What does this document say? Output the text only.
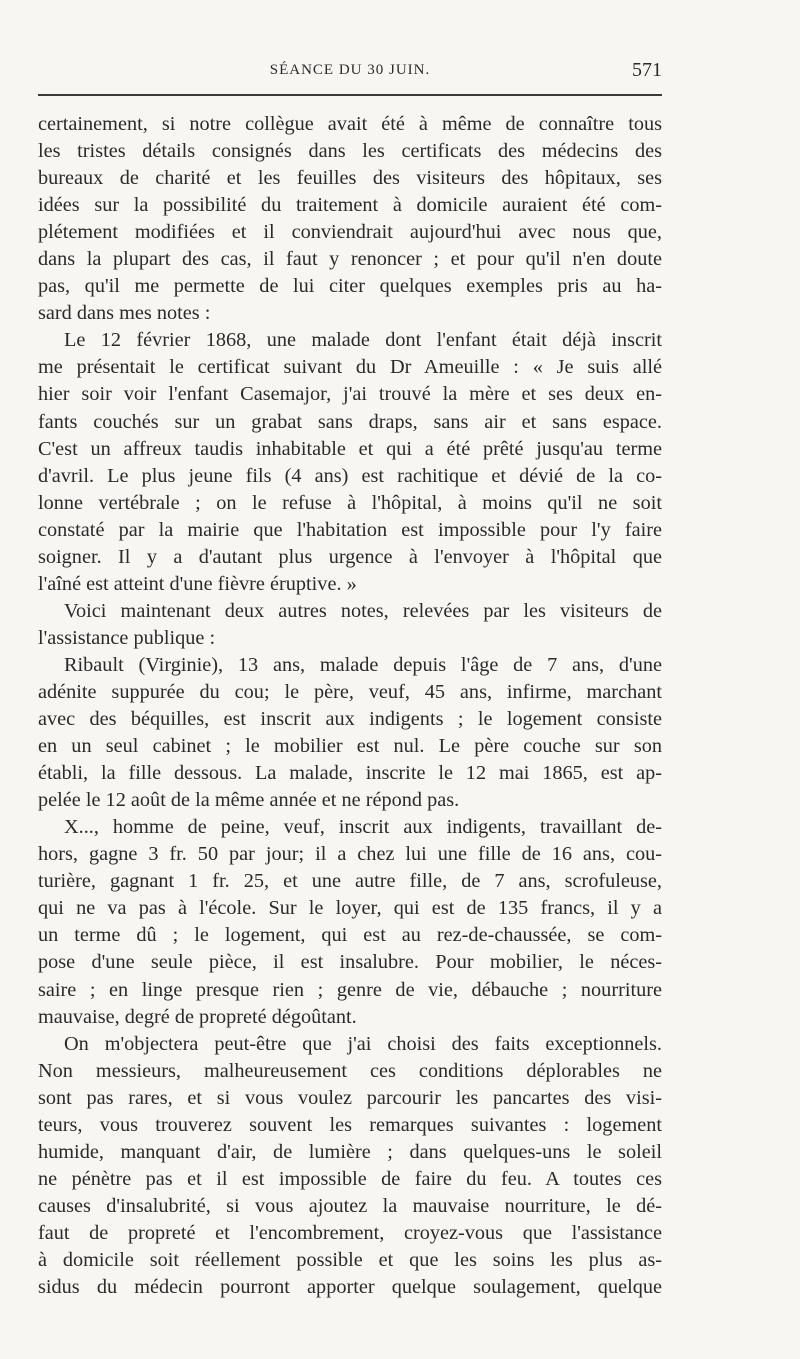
SÉANCE DU 30 JUIN.	571
certainement, si notre collègue avait été à même de connaître tous
les tristes détails consignés dans les certificats des médecins des
bureaux de charité et les feuilles des visiteurs des hôpitaux, ses
idées sur la possibilité du traitement à domicile auraient été com-
plétement modifiées et il conviendrait aujourd'hui avec nous que,
dans la plupart des cas, il faut y renoncer ; et pour qu'il n'en doute
pas, qu'il me permette de lui citer quelques exemples pris au ha-
sard dans mes notes :
Le 12 février 1868, une malade dont l'enfant était déjà inscrit
me présentait le certificat suivant du Dr Ameuille : « Je suis allé
hier soir voir l'enfant Casemajor, j'ai trouvé la mère et ses deux en-
fants couchés sur un grabat sans draps, sans air et sans espace.
C'est un affreux taudis inhabitable et qui a été prêté jusqu'au terme
d'avril. Le plus jeune fils (4 ans) est rachitique et dévié de la co-
lonne vertébrale ; on le refuse à l'hôpital, à moins qu'il ne soit
constaté par la mairie que l'habitation est impossible pour l'y faire
soigner. Il y a d'autant plus urgence à l'envoyer à l'hôpital que
l'aîné est atteint d'une fièvre éruptive. »
Voici maintenant deux autres notes, relevées par les visiteurs de
l'assistance publique :
Ribault (Virginie), 13 ans, malade depuis l'âge de 7 ans, d'une
adénite suppurée du cou; le père, veuf, 45 ans, infirme, marchant
avec des béquilles, est inscrit aux indigents ; le logement consiste
en un seul cabinet ; le mobilier est nul. Le père couche sur son
établi, la fille dessous. La malade, inscrite le 12 mai 1865, est ap-
pelée le 12 août de la même année et ne répond pas.
X..., homme de peine, veuf, inscrit aux indigents, travaillant de-
hors, gagne 3 fr. 50 par jour; il a chez lui une fille de 16 ans, cou-
turière, gagnant 1 fr. 25, et une autre fille, de 7 ans, scrofuleuse,
qui ne va pas à l'école. Sur le loyer, qui est de 135 francs, il y a
un terme dû ; le logement, qui est au rez-de-chaussée, se com-
pose d'une seule pièce, il est insalubre. Pour mobilier, le néces-
saire ; en linge presque rien ; genre de vie, débauche ; nourriture
mauvaise, degré de propreté dégoûtant.
On m'objectera peut-être que j'ai choisi des faits exceptionnels.
Non messieurs, malheureusement ces conditions déplorables ne
sont pas rares, et si vous voulez parcourir les pancartes des visi-
teurs, vous trouverez souvent les remarques suivantes : logement
humide, manquant d'air, de lumière ; dans quelques-uns le soleil
ne pénètre pas et il est impossible de faire du feu. A toutes ces
causes d'insalubrité, si vous ajoutez la mauvaise nourriture, le dé-
faut de propreté et l'encombrement, croyez-vous que l'assistance
à domicile soit réellement possible et que les soins les plus as-
sidus du médecin pourront apporter quelque soulagement, quelque
